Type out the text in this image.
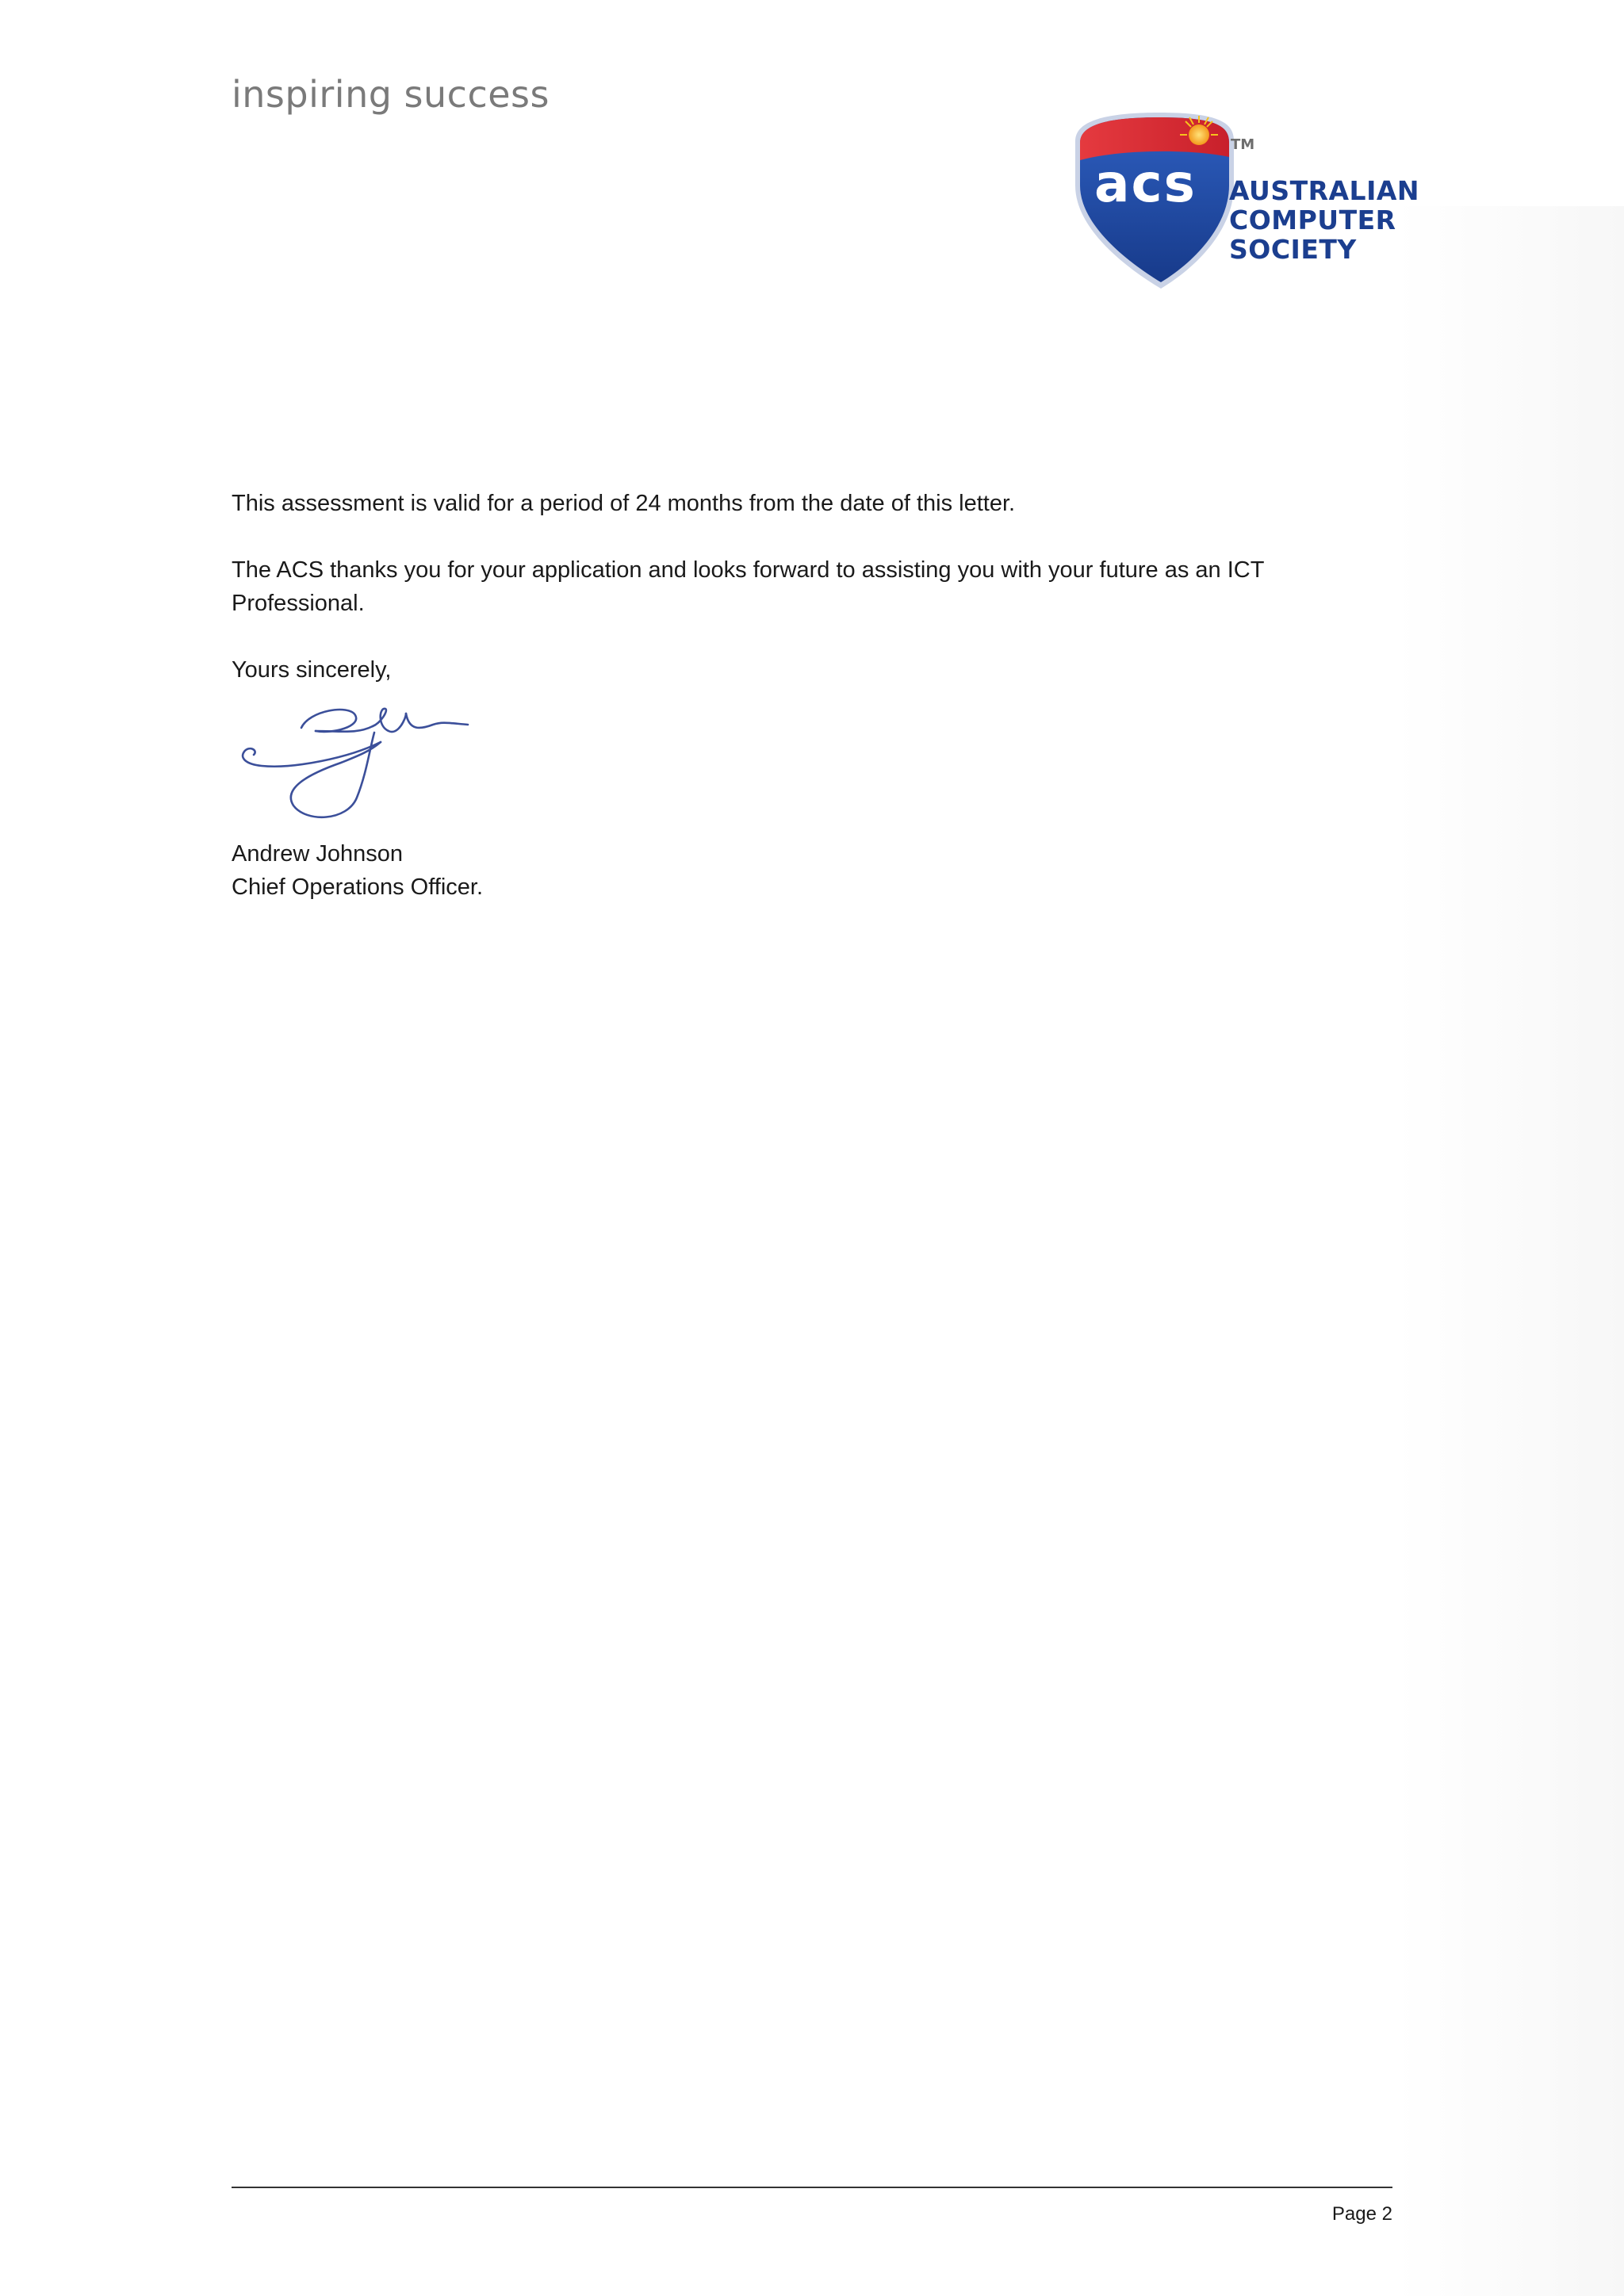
inspiring success
acs
TM
AUSTRALIAN
COMPUTER
SOCIETY

This assessment is valid for a period of 24 months from the date of this letter.

The ACS thanks you for your application and looks forward to assisting you with your future as an ICT Professional.

Yours sincerely,

Andrew Johnson
Chief Operations Officer.
Page 2
